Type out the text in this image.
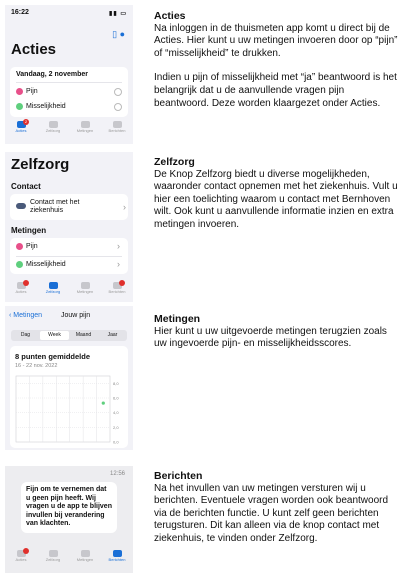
16:22	▮▮ ▭
▯ ●
Acties
Vandaag, 2 november
Pijn
Misselijkheid
2
Acties	Zelfzorg	Metingen	Berichten
Zelfzorg
Contact
Contact met het ziekenhuis	›
Metingen
Pijn	›
Misselijkheid	›
Acties	Zelfzorg	Metingen	Berichten
‹ Metingen	Jouw pijn
Dag	Week	Maand	Jaar
8 punten gemiddelde
16 - 22 nov. 2022
0,0
2,0
4,0
6,0
8,0
12:56
Fijn om te vernemen dat u geen pijn heeft. Wij vragen u de app te blijven invullen bij verandering van klachten.
Acties	Zelfzorg	Metingen	Berichten

Acties

Na inloggen in de thuismeten app komt u direct bij de Acties. Hier kunt u uw metingen invoeren door op “pijn” of “misselijkheid” te drukken.

Indien u pijn of misselijkheid met “ja” beantwoord is het belangrijk dat u de aanvullende vragen pijn beantwoord. Deze worden klaargezet onder Acties.

Zelfzorg

De Knop Zelfzorg biedt u diverse mogelijkheden, waaronder contact opnemen met het ziekenhuis. Vult u hier een toelichting waarom u contact met Bernhoven wilt. Ook kunt u aanvullende informatie inzien en extra metingen invoeren.

Metingen

Hier kunt u uw uitgevoerde metingen terugzien zoals uw ingevoerde pijn- en misselijkheidsscores.

Berichten

Na het invullen van uw metingen versturen wij u berichten. Eventuele vragen worden ook beantwoord via de berichten functie. U kunt zelf geen berichten terugsturen. Dit kan alleen via de knop contact met ziekenhuis, te vinden onder Zelfzorg.
